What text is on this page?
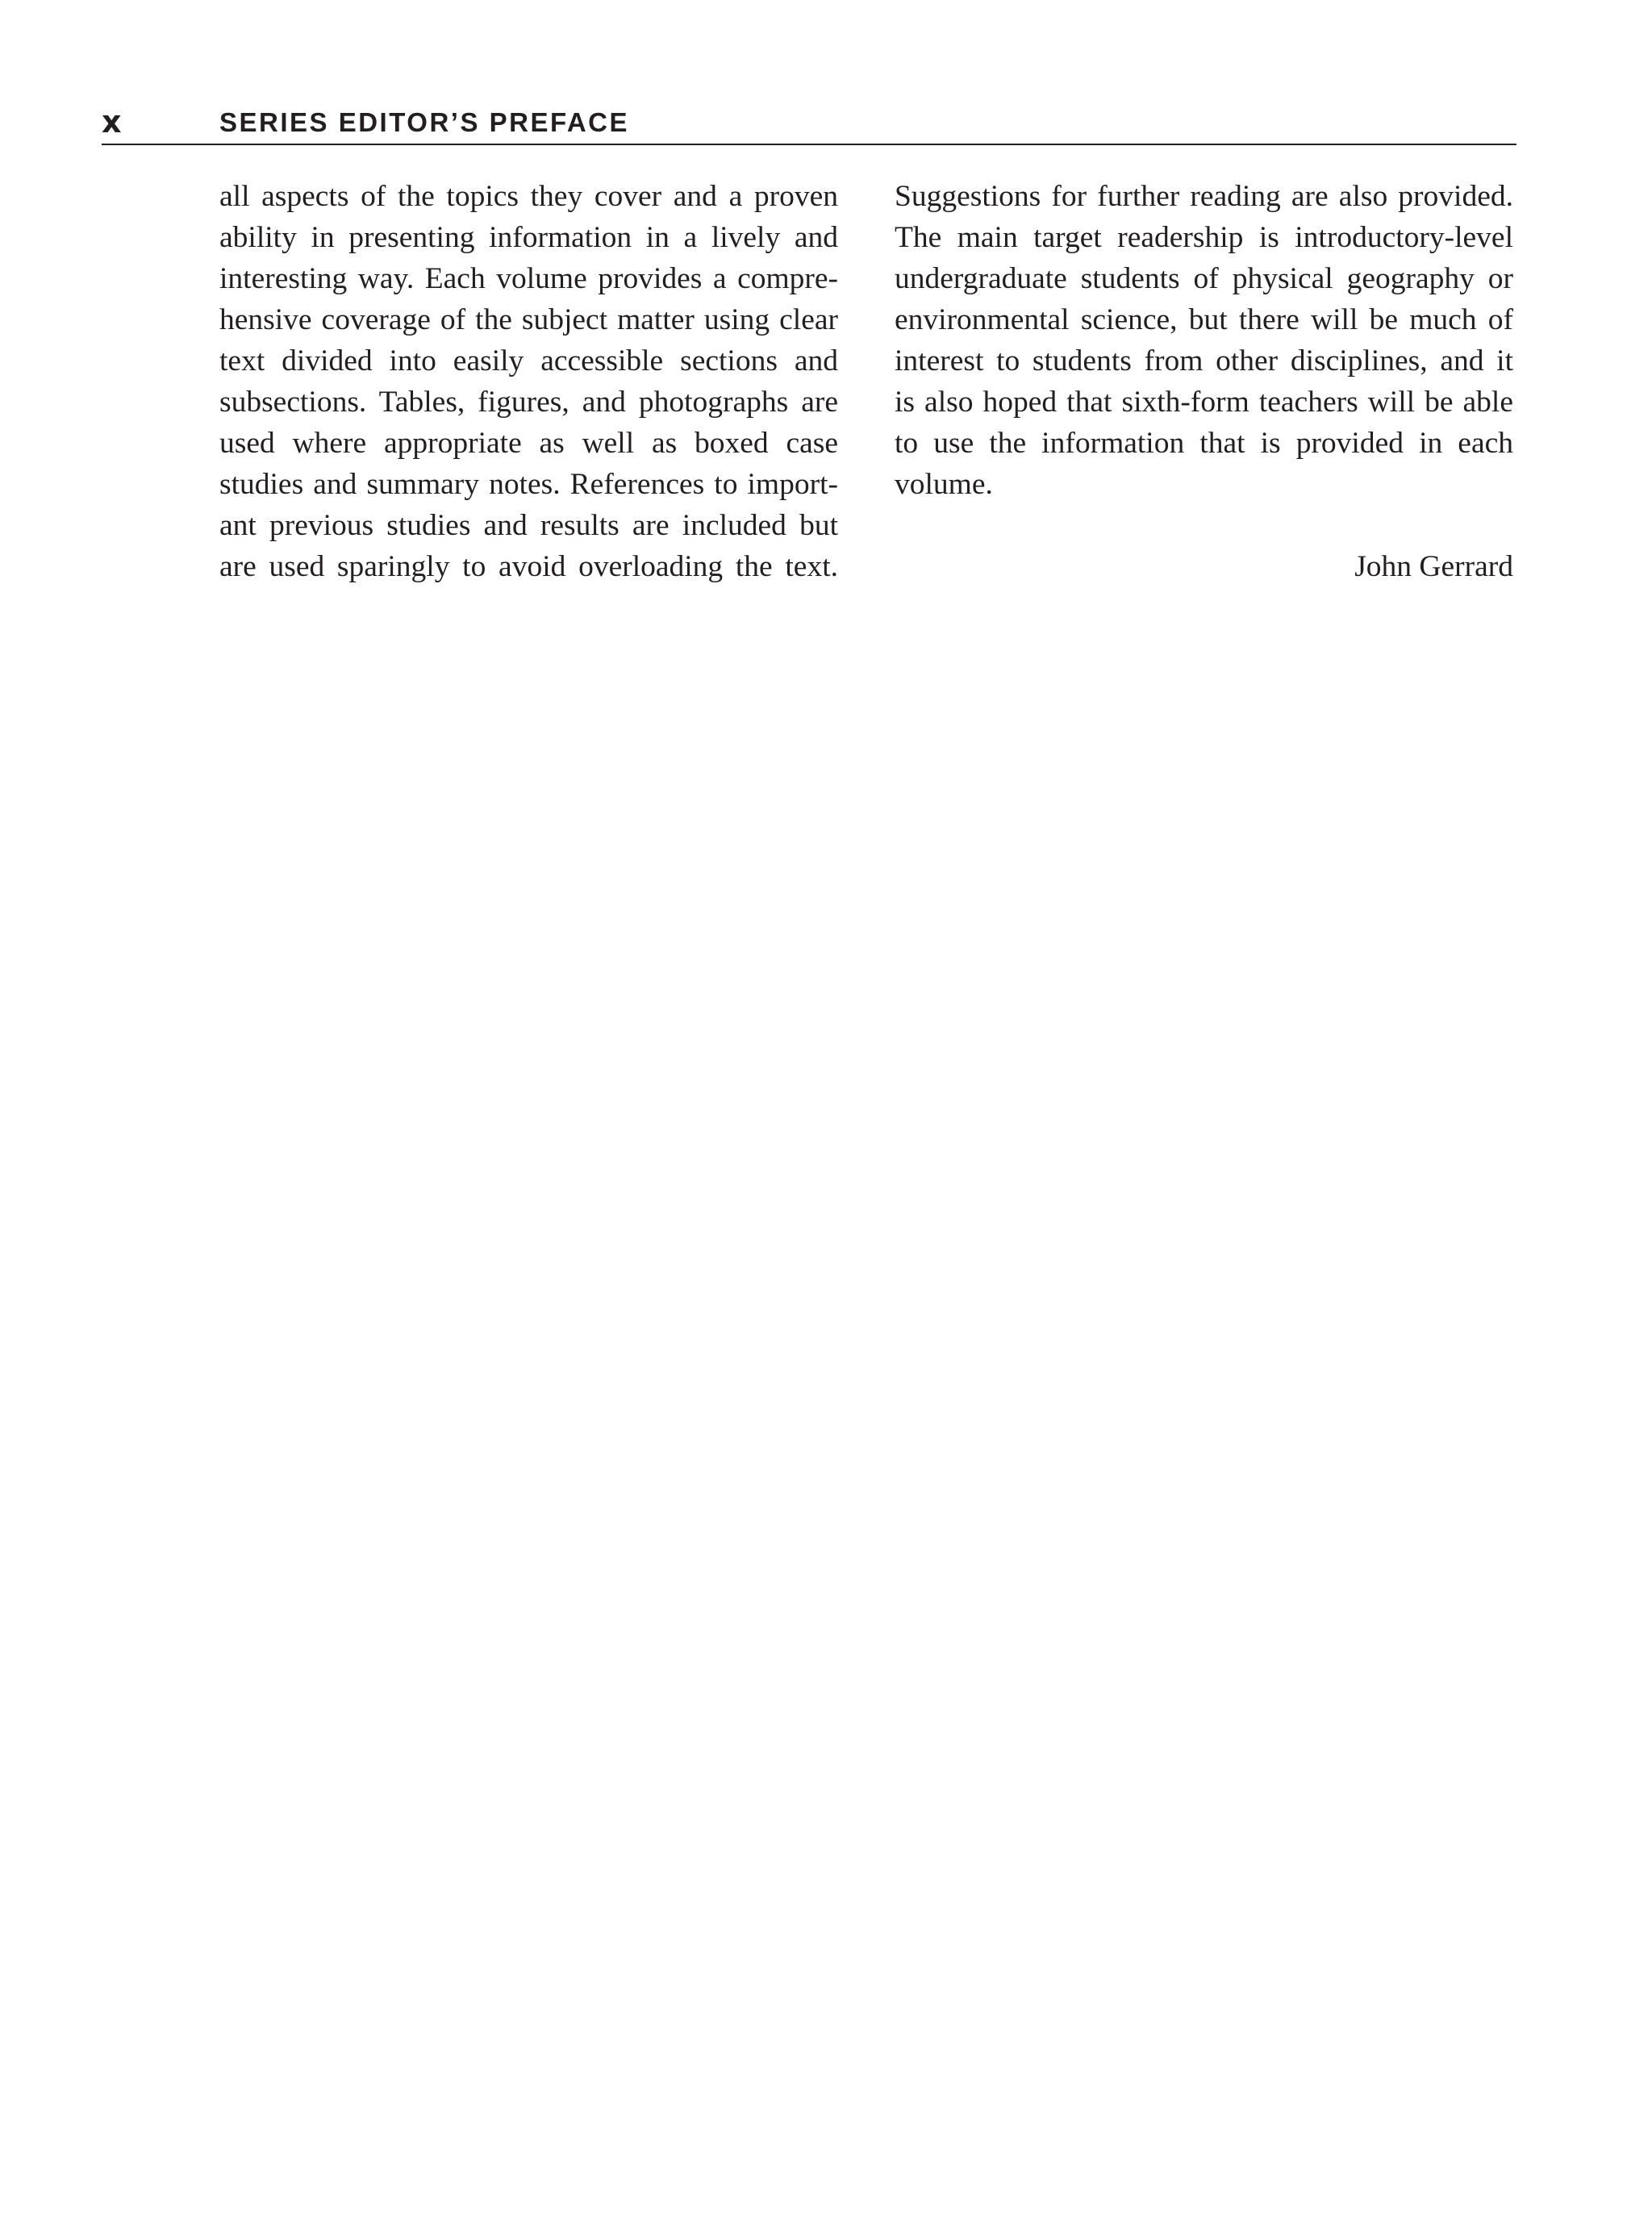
x	SERIES EDITOR’S PREFACE
all aspects of the topics they cover and a proven
ability in presenting information in a lively and
interesting way. Each volume provides a compre-
hensive coverage of the subject matter using clear
text divided into easily accessible sections and
subsections. Tables, figures, and photographs are
used where appropriate as well as boxed case
studies and summary notes. References to import-
ant previous studies and results are included but
are used sparingly to avoid overloading the text.
Suggestions for further reading are also provided.
The main target readership is introductory-level
undergraduate students of physical geography or
environmental science, but there will be much of
interest to students from other disciplines, and it
is also hoped that sixth-form teachers will be able
to use the information that is provided in each
volume.
John Gerrard
